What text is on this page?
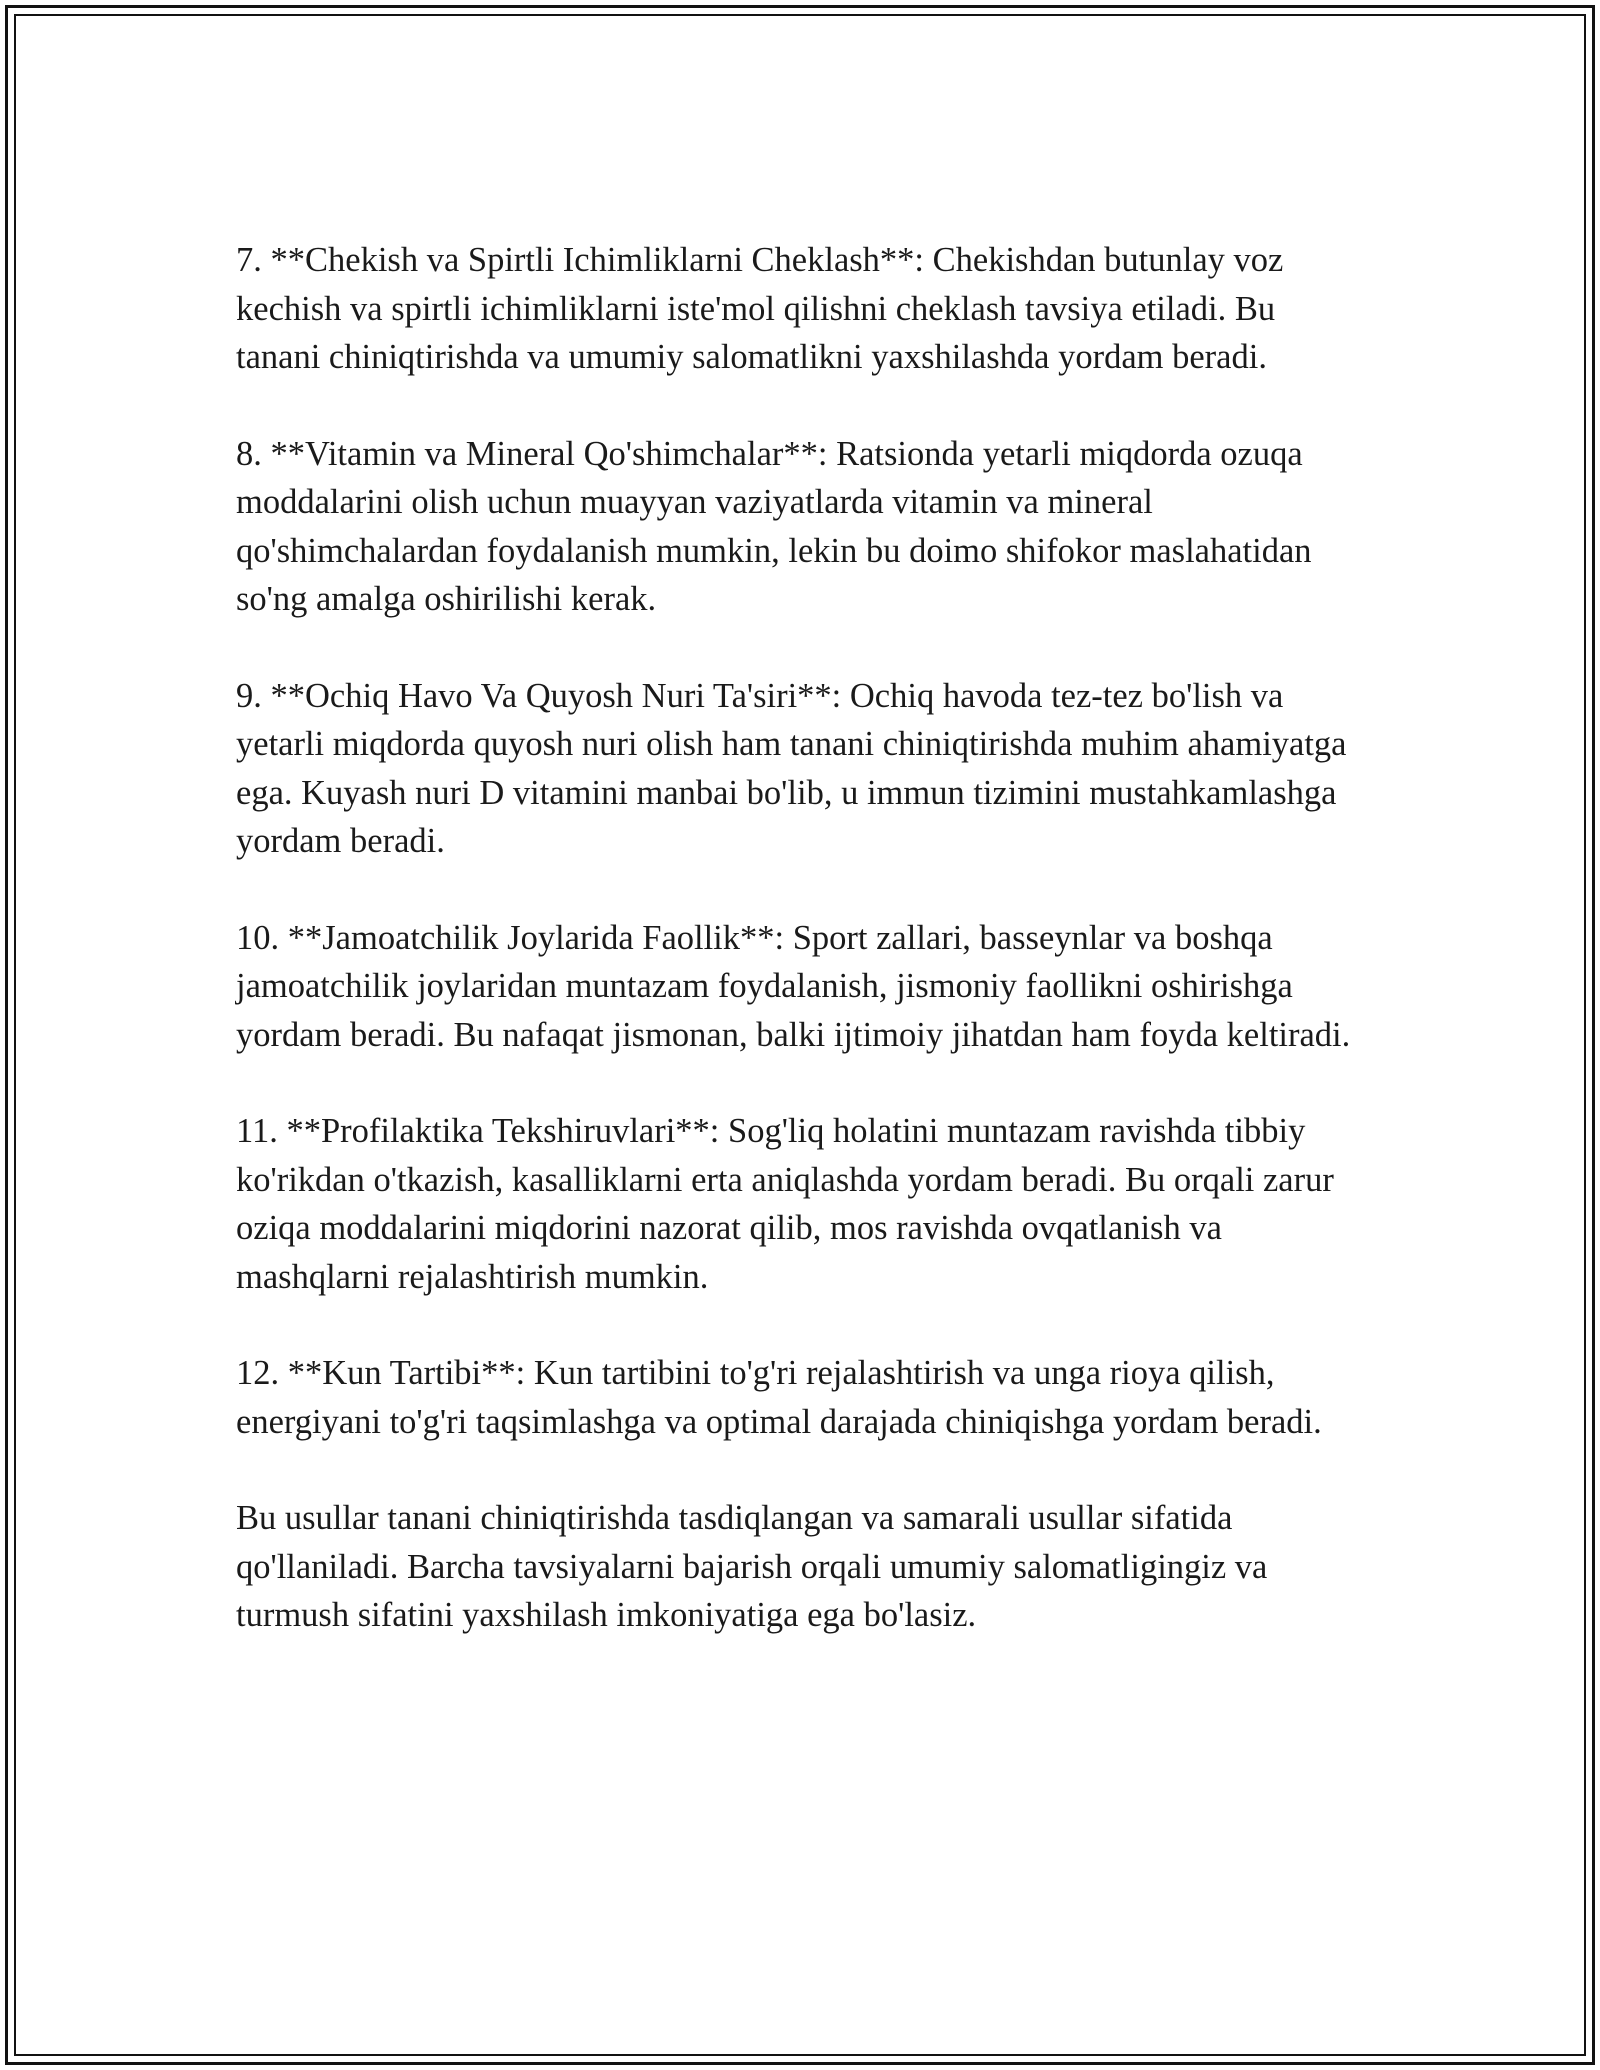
7. **Chekish va Spirtli Ichimliklarni Cheklash**: Chekishdan butunlay voz kechish va spirtli ichimliklarni iste'mol qilishni cheklash tavsiya etiladi. Bu tanani chiniqtirishda va umumiy salomatlikni yaxshilashda yordam beradi.

8. **Vitamin va Mineral Qo'shimchalar**: Ratsionda yetarli miqdorda ozuqa moddalarini olish uchun muayyan vaziyatlarda vitamin va mineral qo'shimchalardan foydalanish mumkin, lekin bu doimo shifokor maslahatidan so'ng amalga oshirilishi kerak.

9. **Ochiq Havo Va Quyosh Nuri Ta'siri**: Ochiq havoda tez-tez bo'lish va yetarli miqdorda quyosh nuri olish ham tanani chiniqtirishda muhim ahamiyatga ega. Kuyash nuri D vitamini manbai bo'lib, u immun tizimini mustahkamlashga yordam beradi.

10. **Jamoatchilik Joylarida Faollik**: Sport zallari, basseynlar va boshqa jamoatchilik joylaridan muntazam foydalanish, jismoniy faollikni oshirishga yordam beradi. Bu nafaqat jismonan, balki ijtimoiy jihatdan ham foyda keltiradi.

11. **Profilaktika Tekshiruvlari**: Sog'liq holatini muntazam ravishda tibbiy ko'rikdan o'tkazish, kasalliklarni erta aniqlashda yordam beradi. Bu orqali zarur oziqa moddalarini miqdorini nazorat qilib, mos ravishda ovqatlanish va mashqlarni rejalashtirish mumkin.

12. **Kun Tartibi**: Kun tartibini to'g'ri rejalashtirish va unga rioya qilish, energiyani to'g'ri taqsimlashga va optimal darajada chiniqishga yordam beradi.

Bu usullar tanani chiniqtirishda tasdiqlangan va samarali usullar sifatida qo'llaniladi. Barcha tavsiyalarni bajarish orqali umumiy salomatligingiz va turmush sifatini yaxshilash imkoniyatiga ega bo'lasiz.
